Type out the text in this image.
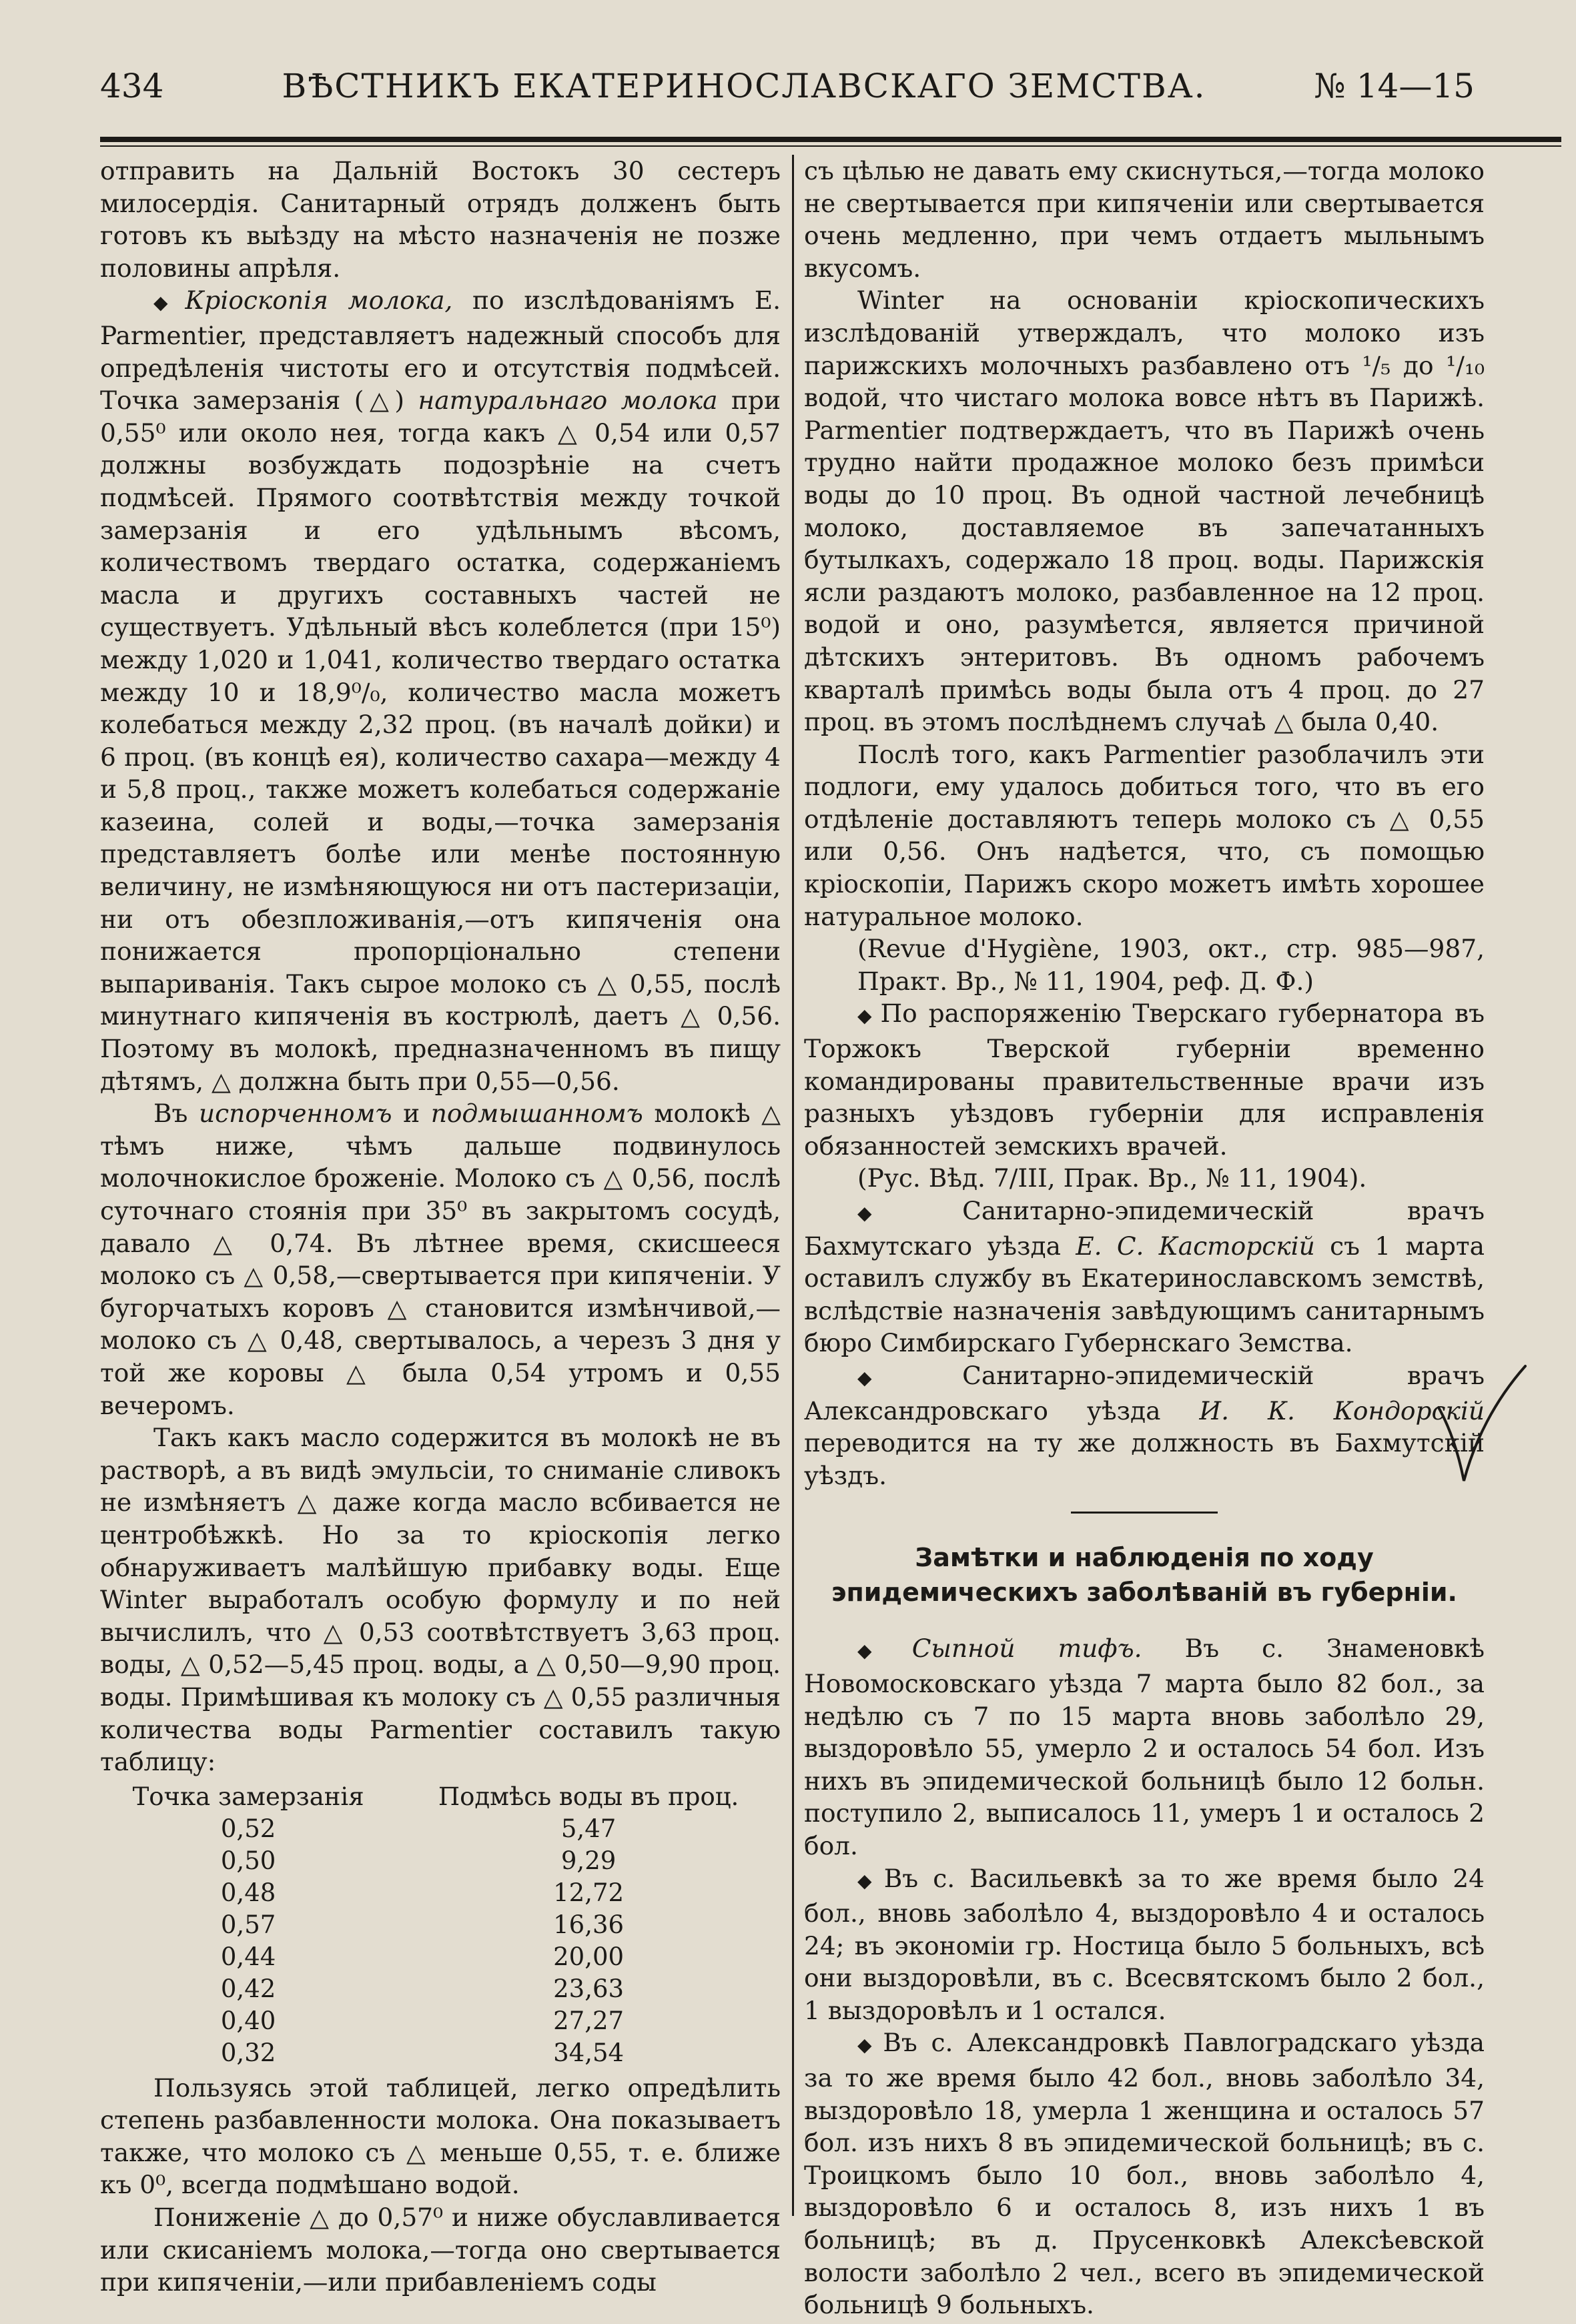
434	ВѢСТНИКЪ ЕКАТЕРИНОСЛАВСКАГО ЗЕМСТВА.	№ 14—15

отправить на Дальній Востокъ 30 сестеръ милосердія. Санитарный отрядъ долженъ быть готовъ къ выѣзду на мѣсто назначенія не позже половины апрѣля.

◆ Кріоскопія молока, по изслѣдованіямъ E. Parmentier, представляетъ надежный способъ для опредѣленія чистоты его и отсутствія подмѣсей. Точка замерзанія (△) натуральнаго молока при 0,55⁰ или около нея, тогда какъ △ 0,54 или 0,57 должны возбуждать подозрѣніе на счетъ подмѣсей. Прямого соотвѣтствія между точкой замерзанія и его удѣльнымъ вѣсомъ, количествомъ твердаго остатка, содержаніемъ масла и другихъ составныхъ частей не существуетъ. Удѣльный вѣсъ колеблется (при 15⁰) между 1,020 и 1,041, количество твердаго остатка между 10 и 18,9⁰/₀, количество масла можетъ колебаться между 2,32 проц. (въ началѣ дойки) и 6 проц. (въ концѣ ея), количество сахара—между 4 и 5,8 проц., также можетъ колебаться содержаніе казеина, солей и воды,—точка замерзанія представляетъ болѣе или менѣе постоянную величину, не измѣняющуюся ни отъ пастеризаціи, ни отъ обезпложиванія,—отъ кипяченія она понижается пропорціонально степени выпариванія. Такъ сырое молоко съ △ 0,55, послѣ минутнаго кипяченія въ кострюлѣ, даетъ △ 0,56. Поэтому въ молокѣ, предназначенномъ въ пищу дѣтямъ, △ должна быть при 0,55—0,56.

Въ испорченномъ и подмышанномъ молокѣ △ тѣмъ ниже, чѣмъ дальше подвинулось молочнокислое броженіе. Молоко съ △ 0,56, послѣ суточнаго стоянія при 35⁰ въ закрытомъ сосудѣ, давало △ 0,74. Въ лѣтнее время, скисшееся молоко съ △ 0,58,—свертывается при кипяченіи. У бугорчатыхъ коровъ △ становится измѣнчивой,—молоко съ △ 0,48, свертывалось, а черезъ 3 дня у той же коровы △ была 0,54 утромъ и 0,55 вечеромъ.

Такъ какъ масло содержится въ молокѣ не въ растворѣ, а въ видѣ эмульсіи, то сниманіе сливокъ не измѣняетъ △ даже когда масло всбивается не центробѣжкѣ. Но за то кріоскопія легко обнаруживаетъ малѣйшую прибавку воды. Еще Winter выработалъ особую формулу и по ней вычислилъ, что △ 0,53 соотвѣтствуетъ 3,63 проц. воды, △ 0,52—5,45 проц. воды, а △ 0,50—9,90 проц. воды. Примѣшивая къ молоку съ △ 0,55 различныя количества воды Parmentier составилъ такую таблицу:

Точка замерзанія	Подмѣсь воды въ проц.
0,52	5,47
0,50	9,29
0,48	12,72
0,57	16,36
0,44	20,00
0,42	23,63
0,40	27,27
0,32	34,54

Пользуясь этой таблицей, легко опредѣлить степень разбавленности молока. Она показываетъ также, что молоко съ △ меньше 0,55, т. е. ближе къ 0⁰, всегда подмѣшано водой.

Пониженіе △ до 0,57⁰ и ниже обуславливается или скисаніемъ молока,—тогда оно свертывается при кипяченіи,—или прибавленіемъ соды

съ цѣлью не давать ему скиснуться,—тогда молоко не свертывается при кипяченіи или свертывается очень медленно, при чемъ отдаетъ мыльнымъ вкусомъ.

Winter на основаніи кріоскопическихъ изслѣдованій утверждалъ, что молоко изъ парижскихъ молочныхъ разбавлено отъ ¹/₅ до ¹/₁₀ водой, что чистаго молока вовсе нѣтъ въ Парижѣ. Parmentier подтверждаетъ, что въ Парижѣ очень трудно найти продажное молоко безъ примѣси воды до 10 проц. Въ одной частной лечебницѣ молоко, доставляемое въ запечатанныхъ бутылкахъ, содержало 18 проц. воды. Парижскія ясли раздаютъ молоко, разбавленное на 12 проц. водой и оно, разумѣется, является причиной дѣтскихъ энтеритовъ. Въ одномъ рабочемъ кварталѣ примѣсь воды была отъ 4 проц. до 27 проц. въ этомъ послѣднемъ случаѣ △ была 0,40.

Послѣ того, какъ Parmentier разоблачилъ эти подлоги, ему удалось добиться того, что въ его отдѣленіе доставляютъ теперь молоко съ △ 0,55 или 0,56. Онъ надѣется, что, съ помощью кріоскопіи, Парижъ скоро можетъ имѣть хорошее натуральное молоко.

(Revue d'Hygiène, 1903, окт., стр. 985—987, Практ. Вр., № 11, 1904, реф. Д. Ф.)

◆ По распоряженію Тверскаго губернатора въ Торжокъ Тверской губерніи временно командированы правительственные врачи изъ разныхъ уѣздовъ губерніи для исправленія обязанностей земскихъ врачей.

(Рус. Вѣд. 7/III, Прак. Вр., № 11, 1904).

◆ Санитарно-эпидемическій врачъ Бахмутскаго уѣзда Е. С. Касторскій съ 1 марта оставилъ службу въ Екатеринославскомъ земствѣ, вслѣдствіе назначенія завѣдующимъ санитарнымъ бюро Симбирскаго Губернскаго Земства.

◆ Санитарно-эпидемическій врачъ Александровскаго уѣзда И. К. Кондорскій переводится на ту же должность въ Бахмутскій уѣздъ.

Замѣтки и наблюденія по ходу эпидемическихъ заболѣваній въ губерніи.

◆ Сыпной тифъ. Въ с. Знаменовкѣ Новомосковскаго уѣзда 7 марта было 82 бол., за недѣлю съ 7 по 15 марта вновь заболѣло 29, выздоровѣло 55, умерло 2 и осталось 54 бол. Изъ нихъ въ эпидемической больницѣ было 12 больн. поступило 2, выписалось 11, умеръ 1 и осталось 2 бол.

◆ Въ с. Васильевкѣ за то же время было 24 бол., вновь заболѣло 4, выздоровѣло 4 и осталось 24; въ экономіи гр. Ностица было 5 больныхъ, всѣ они выздоровѣли, въ с. Всесвятскомъ было 2 бол., 1 выздоровѣлъ и 1 остался.

◆ Въ с. Александровкѣ Павлоградскаго уѣзда за то же время было 42 бол., вновь заболѣло 34, выздоровѣло 18, умерла 1 женщина и осталось 57 бол. изъ нихъ 8 въ эпидемической больницѣ; въ с. Троицкомъ было 10 бол., вновь заболѣло 4, выздоровѣло 6 и осталось 8, изъ нихъ 1 въ больницѣ; въ д. Прусенковкѣ Алексѣевской волости заболѣло 2 чел., всего въ эпидемической больницѣ 9 больныхъ.
